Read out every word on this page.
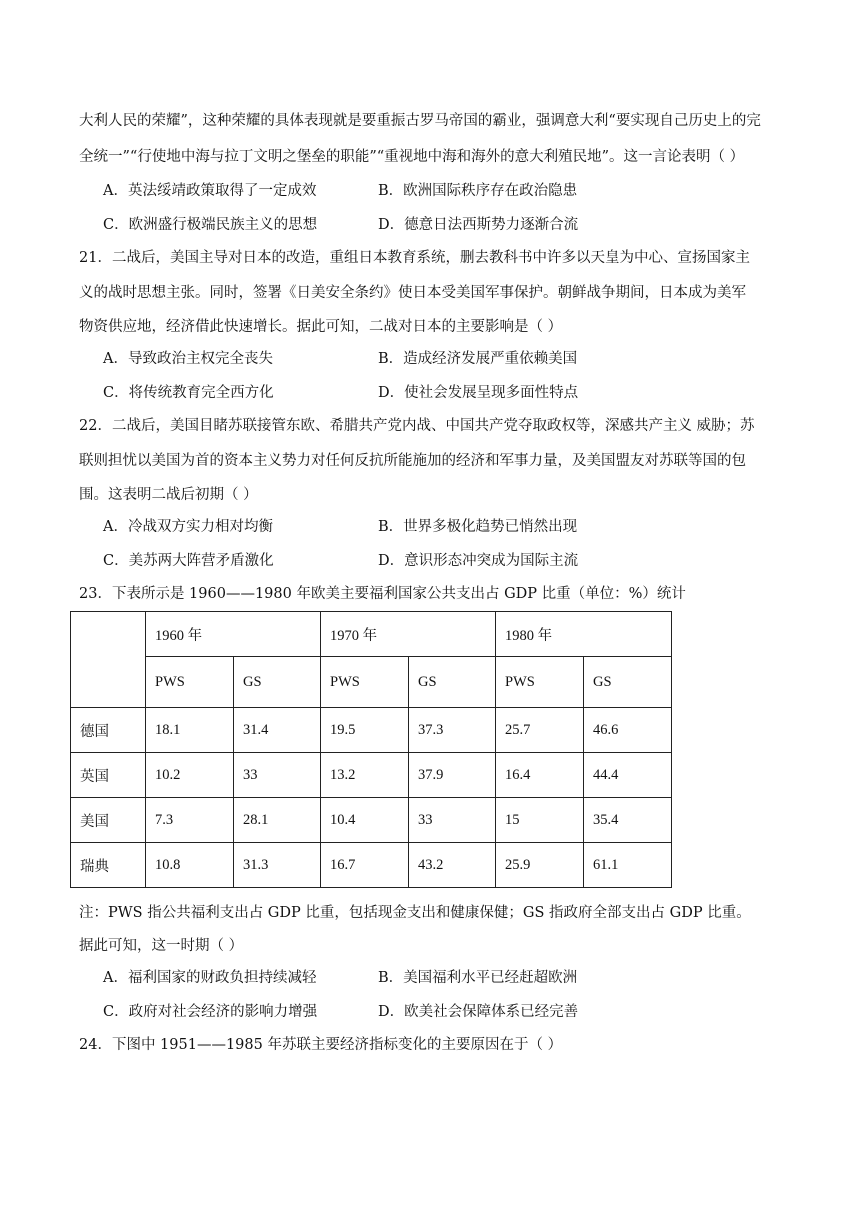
大利人民的荣耀”，这种荣耀的具体表现就是要重振古罗马帝国的霸业，强调意大利“要实现自己历史上的完
全统一”“行使地中海与拉丁文明之堡垒的职能”“重视地中海和海外的意大利殖民地”。这一言论表明（ ）
A．英法绥靖政策取得了一定成效	B．欧洲国际秩序存在政治隐患
C．欧洲盛行极端民族主义的思想	D．德意日法西斯势力逐渐合流
21．二战后，美国主导对日本的改造，重组日本教育系统，删去教科书中许多以天皇为中心、宣扬国家主
义的战时思想主张。同时，签署《日美安全条约》使日本受美国军事保护。朝鲜战争期间，日本成为美军
物资供应地，经济借此快速增长。据此可知，二战对日本的主要影响是（ ）
A．导致政治主权完全丧失	B．造成经济发展严重依赖美国
C．将传统教育完全西方化	D．使社会发展呈现多面性特点
22．二战后，美国目睹苏联接管东欧、希腊共产党内战、中国共产党夺取政权等，深感共产主义 威胁；苏
联则担忧以美国为首的资本主义势力对任何反抗所能施加的经济和军事力量，及美国盟友对苏联等国的包
围。这表明二战后初期（ ）
A．冷战双方实力相对均衡	B．世界多极化趋势已悄然出现
C．美苏两大阵营矛盾激化	D．意识形态冲突成为国际主流
23．下表所示是 1960——1980 年欧美主要福利国家公共支出占 GDP 比重（单位：%）统计
	1960 年		1970 年		1980 年	
	PWS	GS	PWS	GS	PWS	GS
德国	18.1	31.4	19.5	37.3	25.7	46.6
英国	10.2	33	13.2	37.9	16.4	44.4
美国	7.3	28.1	10.4	33	15	35.4
瑞典	10.8	31.3	16.7	43.2	25.9	61.1
注：PWS 指公共福利支出占 GDP 比重，包括现金支出和健康保健；GS 指政府全部支出占 GDP 比重。
据此可知，这一时期（ ）
A．福利国家的财政负担持续减轻	B．美国福利水平已经赶超欧洲
C．政府对社会经济的影响力增强	D．欧美社会保障体系已经完善
24．下图中 1951——1985 年苏联主要经济指标变化的主要原因在于（ ）
